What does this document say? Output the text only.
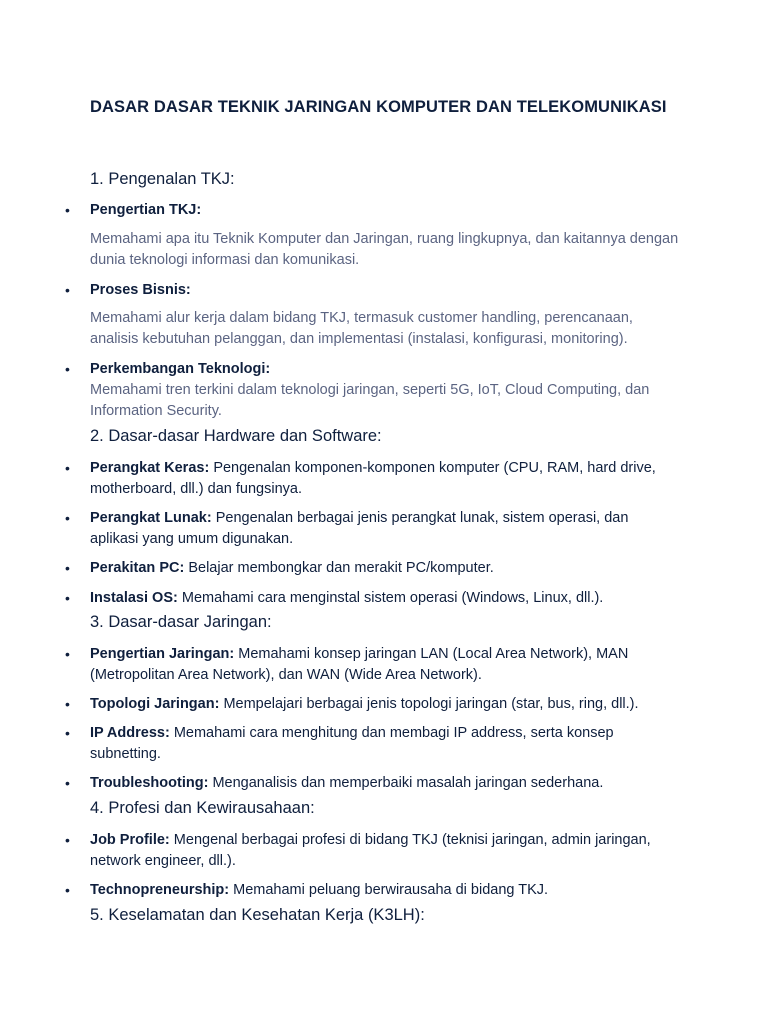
DASAR DASAR TEKNIK JARINGAN KOMPUTER DAN TELEKOMUNIKASI
1. Pengenalan TKJ:
• Pengertian TKJ:
Memahami apa itu Teknik Komputer dan Jaringan, ruang lingkupnya, dan kaitannya dengan dunia teknologi informasi dan komunikasi.
• Proses Bisnis:
Memahami alur kerja dalam bidang TKJ, termasuk customer handling, perencanaan, analisis kebutuhan pelanggan, dan implementasi (instalasi, konfigurasi, monitoring).
• Perkembangan Teknologi:
Memahami tren terkini dalam teknologi jaringan, seperti 5G, IoT, Cloud Computing, dan Information Security.
2. Dasar-dasar Hardware dan Software:
• Perangkat Keras: Pengenalan komponen-komponen komputer (CPU, RAM, hard drive, motherboard, dll.) dan fungsinya.
• Perangkat Lunak: Pengenalan berbagai jenis perangkat lunak, sistem operasi, dan aplikasi yang umum digunakan.
• Perakitan PC: Belajar membongkar dan merakit PC/komputer.
• Instalasi OS: Memahami cara menginstal sistem operasi (Windows, Linux, dll.).
3. Dasar-dasar Jaringan:
• Pengertian Jaringan: Memahami konsep jaringan LAN (Local Area Network), MAN (Metropolitan Area Network), dan WAN (Wide Area Network).
• Topologi Jaringan: Mempelajari berbagai jenis topologi jaringan (star, bus, ring, dll.).
• IP Address: Memahami cara menghitung dan membagi IP address, serta konsep subnetting.
• Troubleshooting: Menganalisis dan memperbaiki masalah jaringan sederhana.
4. Profesi dan Kewirausahaan:
• Job Profile: Mengenal berbagai profesi di bidang TKJ (teknisi jaringan, admin jaringan, network engineer, dll.).
• Technopreneurship: Memahami peluang berwirausaha di bidang TKJ.
5. Keselamatan dan Kesehatan Kerja (K3LH):
